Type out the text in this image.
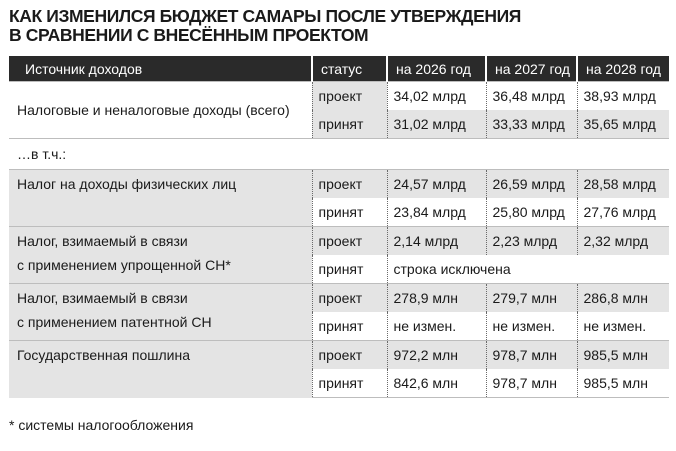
КАК ИЗМЕНИЛСЯ БЮДЖЕТ САМАРЫ ПОСЛЕ УТВЕРЖДЕНИЯ
В СРАВНЕНИИ С ВНЕСЁННЫМ ПРОЕКТОМ
Источник доходов	статус	на 2026 год	на 2027 год	на 2028 год
Налоговые и неналоговые доходы (всего)	проект	34,02 млрд	36,48 млрд	38,93 млрд
	принят	31,02 млрд	33,33 млрд	35,65 млрд
…в т.ч.:				
Налог на доходы физических лиц	проект	24,57 млрд	26,59 млрд	28,58 млрд
	принят	23,84 млрд	25,80 млрд	27,76 млрд
Налог, взимаемый в связи
с применением упрощенной СН*	проект	2,14 млрд	2,23 млрд	2,32 млрд
	принят	строка исключена		
Налог, взимаемый в связи
с применением патентной СН	проект	278,9 млн	279,7 млн	286,8 млн
	принят	не измен.	не измен.	не измен.
Государственная пошлина	проект	972,2 млн	978,7 млн	985,5 млн
	принят	842,6 млн	978,7 млн	985,5 млн
* системы налогообложения
